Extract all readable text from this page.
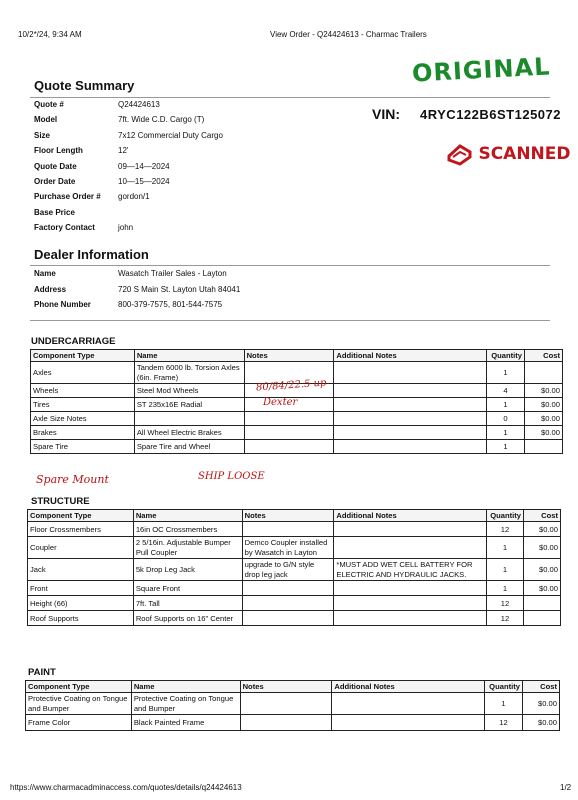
10/2*/24, 9:34 AM	View Order - Q24424613 - Charmac Trailers
ORIGINAL
SCANNED
Quote Summary
Quote #	Q24424613
Model	7ft. Wide C.D. Cargo (T)
Size	7x12 Commercial Duty Cargo
Floor Length	12'
Quote Date	09—14—2024
Order Date	10—15—2024
Purchase Order # gordon/1
Base Price
Factory Contact	john
VIN: 4RYC122B6ST125072
Dealer Information
Name	Wasatch Trailer Sales - Layton
Address	720 S Main St. Layton Utah 84041
Phone Number	800-379-7575, 801-544-7575
UNDERCARRIAGE
Component Type	Name	Notes	Additional Notes	Quantity	Cost
Axles	Tandem 6000 lb. Torsion Axles (6in. Frame)			1	
Wheels	Steel Mod Wheels			4	$0.00
Tires	ST 235x16E Radial			1	$0.00
Axle Size Notes				0	$0.00
Brakes	All Wheel Electric Brakes			1	$0.00
Spare Tire	Spare Tire and Wheel			1	
80/84/22.5 up
Dexter
Spare Mount	SHIP LOOSE
STRUCTURE
Component Type	Name	Notes	Additional Notes	Quantity	Cost
Floor Crossmembers	16in OC Crossmembers			12	$0.00
Coupler	2 5/16in. Adjustable Bumper Pull Coupler	Demco Coupler installed by Wasatch in Layton		1	$0.00
Jack	5k Drop Leg Jack	upgrade to G/N style drop leg jack	*MUST ADD WET CELL BATTERY FOR ELECTRIC AND HYDRAULIC JACKS.	1	$0.00
Front	Square Front			1	$0.00
Height (66)	7ft. Tall			12	
Roof Supports	Roof Supports on 16" Center			12	
PAINT
Component Type	Name	Notes	Additional Notes	Quantity	Cost
Protective Coating on Tongue and Bumper	Protective Coating on Tongue and Bumper			1	$0.00
Frame Color	Black Painted Frame			12	$0.00
https://www.charmacadminaccess.com/quotes/details/q24424613	1/2
